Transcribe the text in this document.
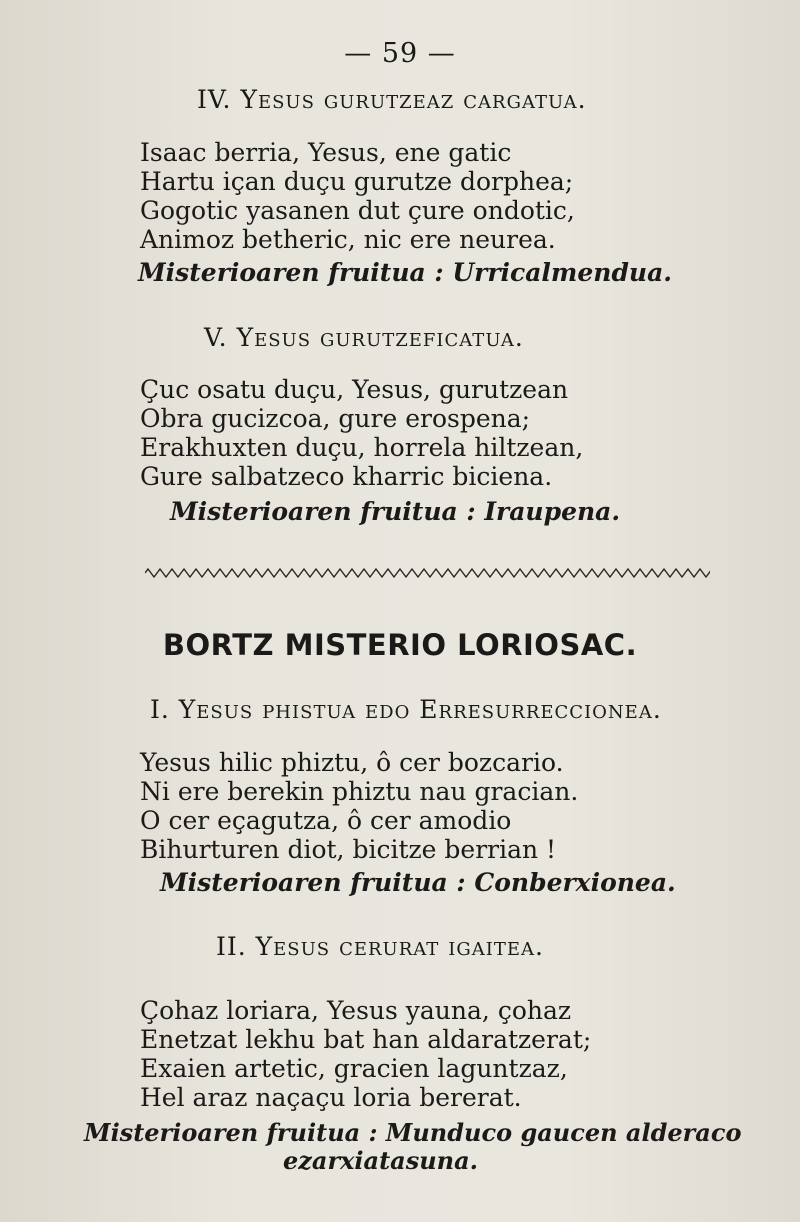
— 59 —
IV. Yesus gurutzeaz cargatua.
Isaac berria, Yesus, ene gatic
Hartu içan duçu gurutze dorphea;
Gogotic yasanen dut çure ondotic,
Animoz betheric, nic ere neurea.
Misterioaren fruitua : Urricalmendua.
V. Yesus gurutzeficatua.
Çuc osatu duçu, Yesus, gurutzean
Obra gucizcoa, gure erospena;
Erakhuxten duçu, horrela hiltzean,
Gure salbatzeco kharric biciena.
Misterioaren fruitua : Iraupena.
BORTZ MISTERIO LORIOSAC.
I. Yesus phistua edo Erresurreccionea.
Yesus hilic phiztu, ô cer bozcario.
Ni ere berekin phiztu nau gracian.
O cer eçagutza, ô cer amodio
Bihurturen diot, bicitze berrian !
Misterioaren fruitua : Conberxionea.
II. Yesus cerurat igaitea.
Çohaz loriara, Yesus yauna, çohaz
Enetzat lekhu bat han aldaratzerat;
Exaien artetic, gracien laguntzaz,
Hel araz naçaçu loria bererat.
Misterioaren fruitua : Munduco gaucen alderaco
ezarxiatasuna.
